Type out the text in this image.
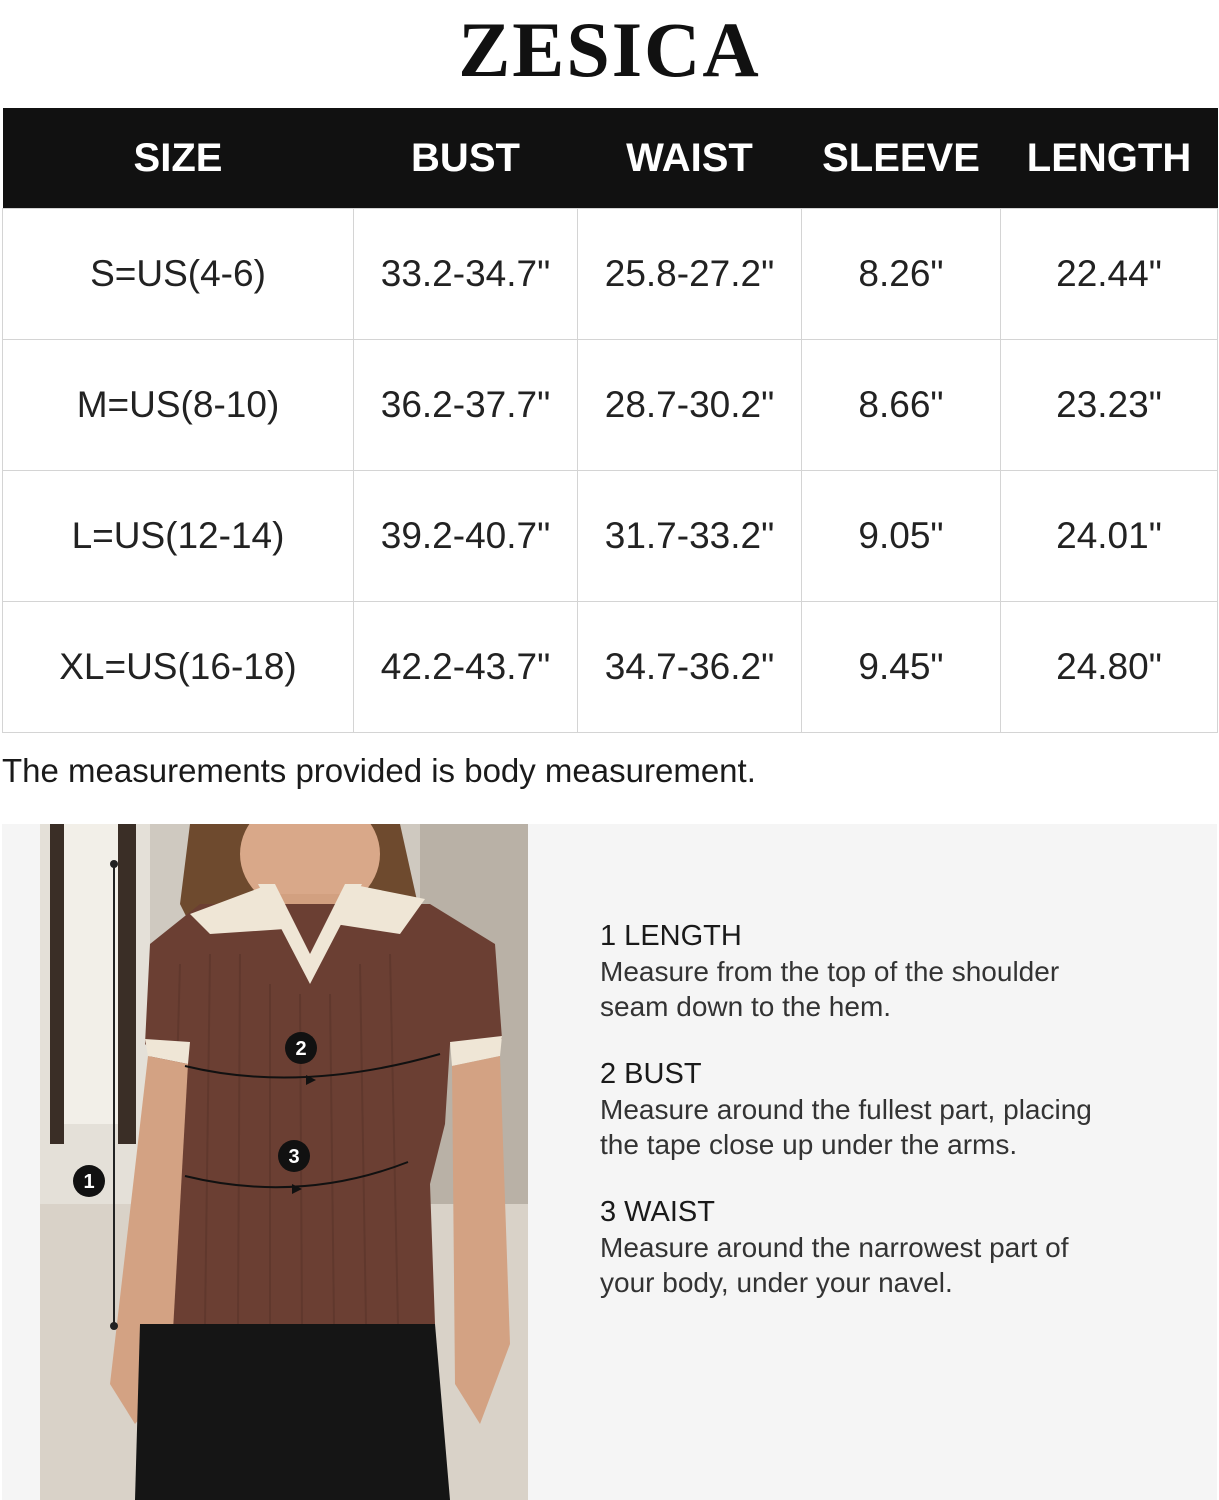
ZESICA
SIZE	BUST	WAIST	SLEEVE	LENGTH
S=US(4-6)	33.2-34.7"	25.8-27.2"	8.26"	22.44"
M=US(8-10)	36.2-37.7"	28.7-30.2"	8.66"	23.23"
L=US(12-14)	39.2-40.7"	31.7-33.2"	9.05"	24.01"
XL=US(16-18)	42.2-43.7"	34.7-36.2"	9.45"	24.80"
The measurements provided is body measurement.
1
2
3
1 LENGTH
Measure from the top of the shoulder
seam down to the hem.
2 BUST
Measure around the fullest part, placing
the tape close up under the arms.
3 WAIST
Measure around the narrowest part of
your body, under your navel.
